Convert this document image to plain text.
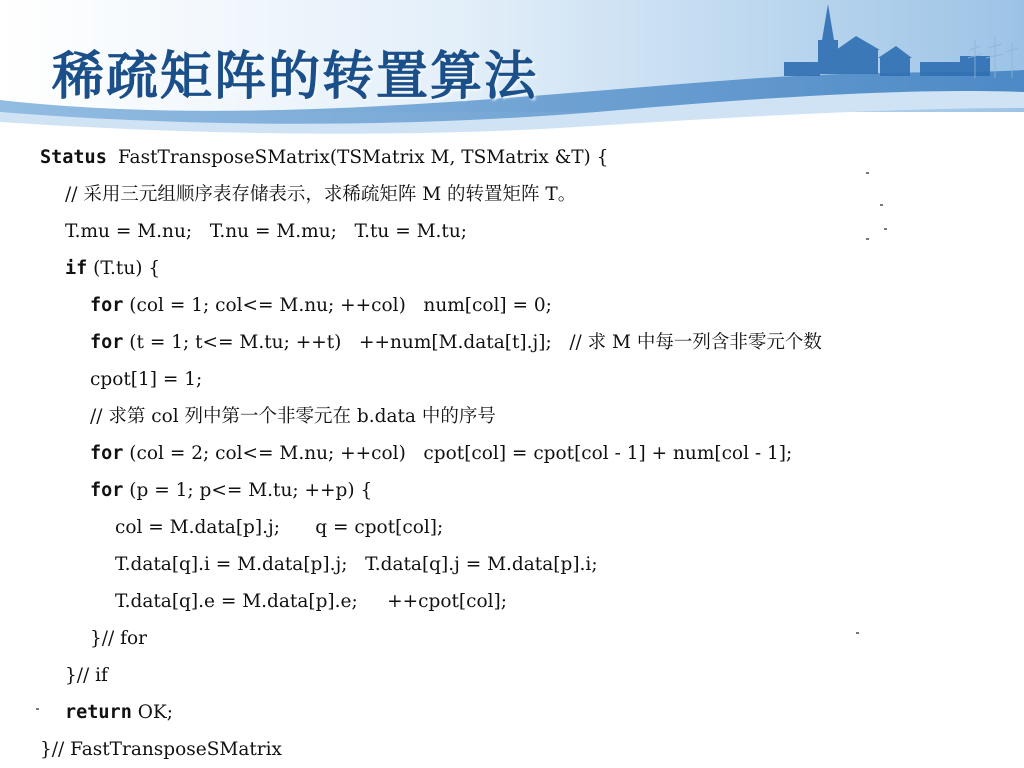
稀疏矩阵的转置算法
Status FastTransposeSMatrix(TSMatrix M, TSMatrix &T) {
// 采用三元组顺序表存储表示，求稀疏矩阵 M 的转置矩阵 T。
T.mu = M.nu;   T.nu = M.mu;   T.tu = M.tu;
if (T.tu) {
for (col = 1; col<= M.nu; ++col)   num[col] = 0;
for (t = 1; t<= M.tu; ++t)   ++num[M.data[t].j];   // 求 M 中每一列含非零元个数
cpot[1] = 1;
// 求第 col 列中第一个非零元在 b.data 中的序号
for (col = 2; col<= M.nu; ++col)   cpot[col] = cpot[col - 1] + num[col - 1];
for (p = 1; p<= M.tu; ++p) {
col = M.data[p].j;      q = cpot[col];
T.data[q].i = M.data[p].j;   T.data[q].j = M.data[p].i;
T.data[q].e = M.data[p].e;     ++cpot[col];
}// for
}// if
return OK;
}// FastTransposeSMatrix
